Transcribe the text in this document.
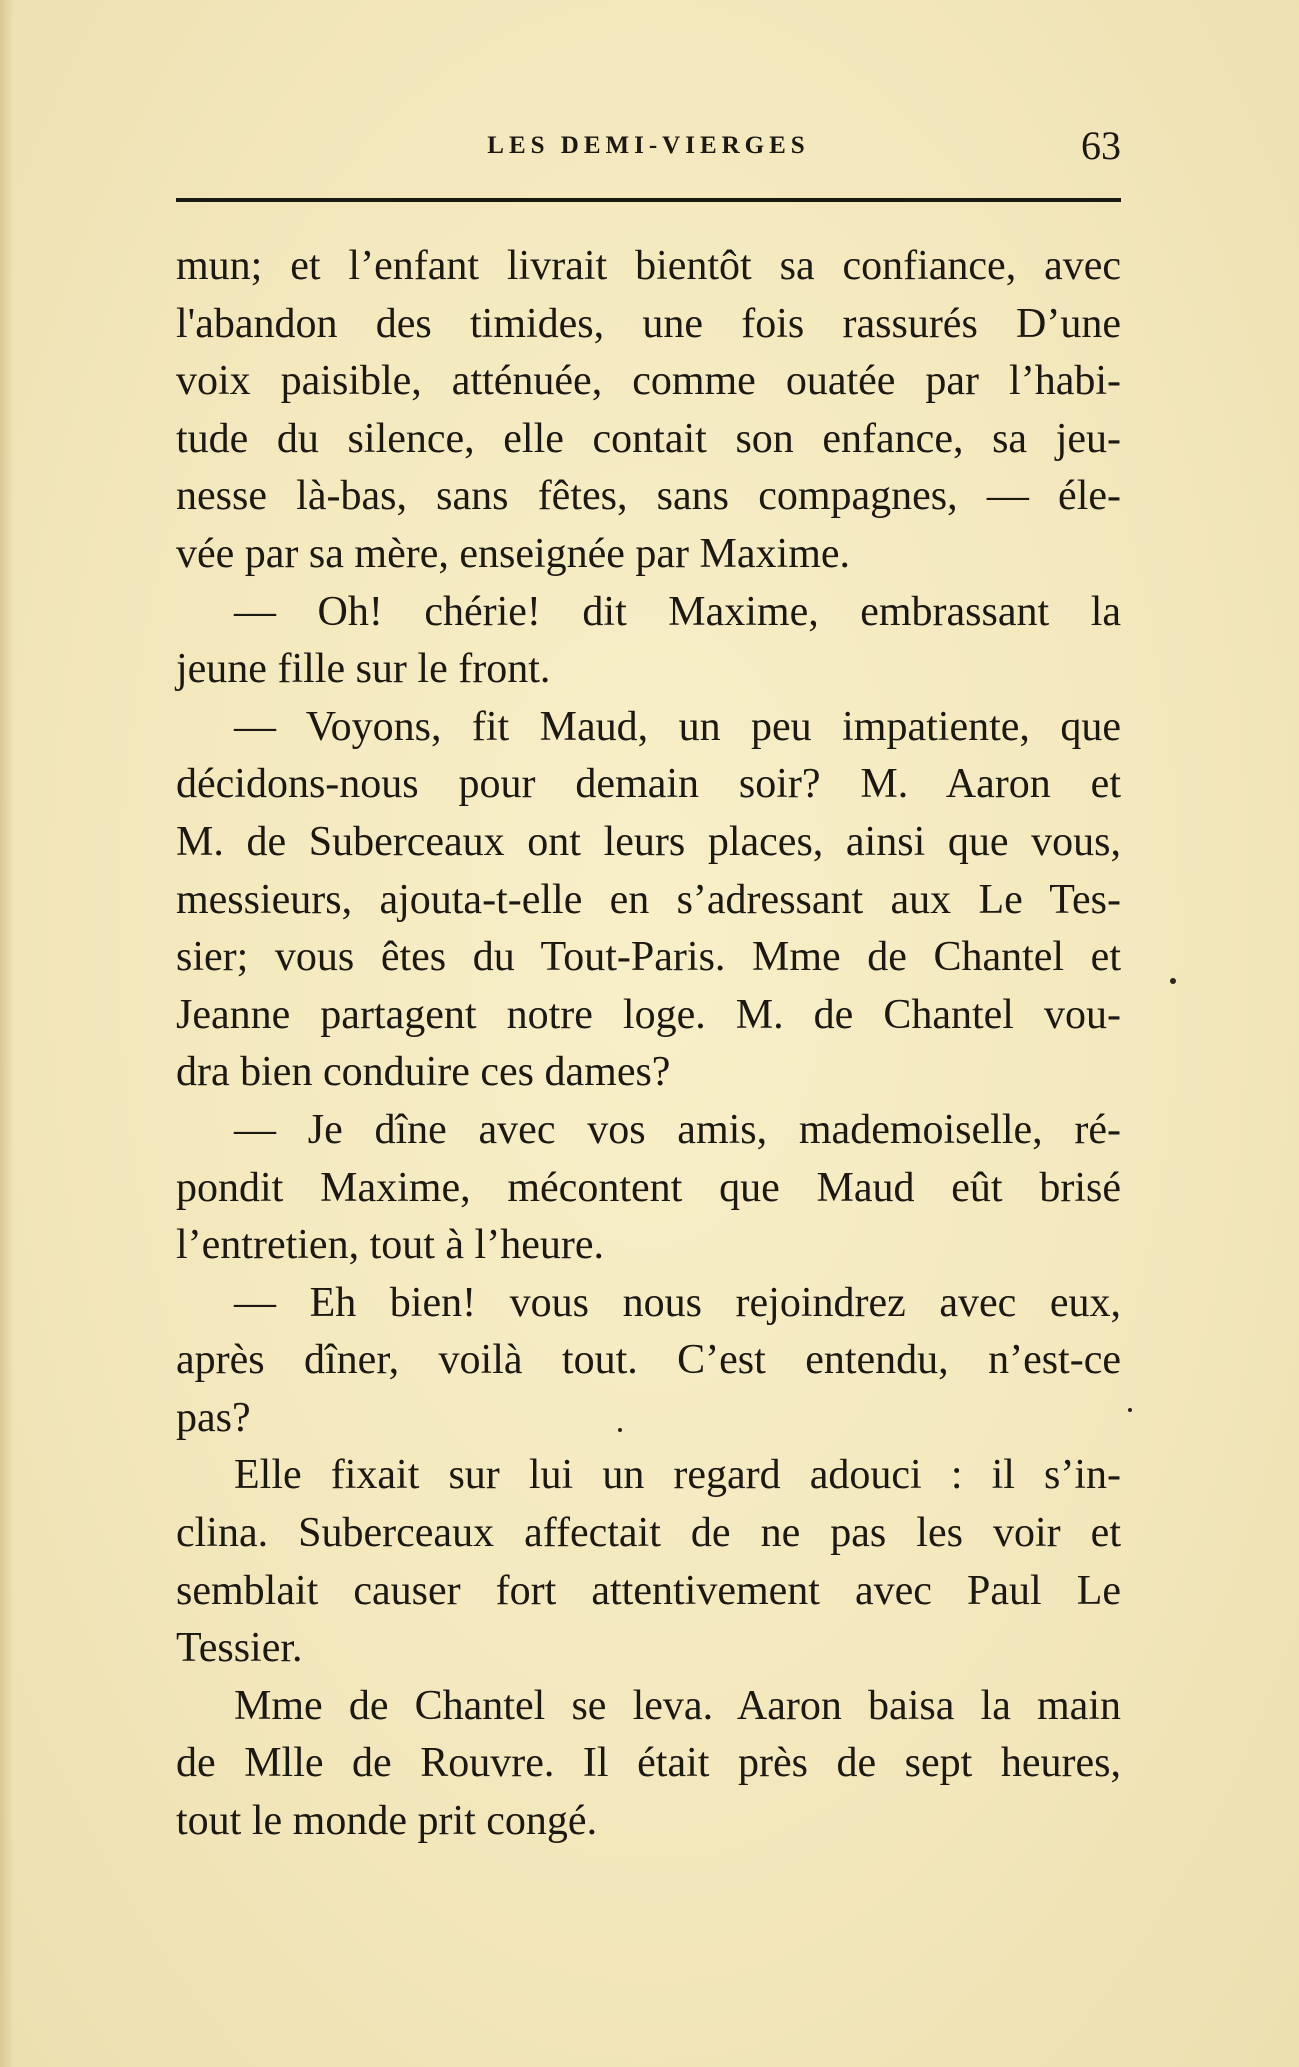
LES DEMI-VIERGES	63
mun; et l’enfant livrait bientôt sa confiance, avec
l'abandon des timides, une fois rassurés D’une
voix paisible, atténuée, comme ouatée par l’habi-
tude du silence, elle contait son enfance, sa jeu-
nesse là-bas, sans fêtes, sans compagnes, — éle-
vée par sa mère, enseignée par Maxime.
— Oh! chérie! dit Maxime, embrassant la
jeune fille sur le front.
— Voyons, fit Maud, un peu impatiente, que
décidons-nous pour demain soir? M. Aaron et
M. de Suberceaux ont leurs places, ainsi que vous,
messieurs, ajouta-t-elle en s’adressant aux Le Tes-
sier; vous êtes du Tout-Paris. Mme de Chantel et
Jeanne partagent notre loge. M. de Chantel vou-
dra bien conduire ces dames?
— Je dîne avec vos amis, mademoiselle, ré-
pondit Maxime, mécontent que Maud eût brisé
l’entretien, tout à l’heure.
— Eh bien! vous nous rejoindrez avec eux,
après dîner, voilà tout. C’est entendu, n’est-ce
pas?
Elle fixait sur lui un regard adouci : il s’in-
clina. Suberceaux affectait de ne pas les voir et
semblait causer fort attentivement avec Paul Le
Tessier.
Mme de Chantel se leva. Aaron baisa la main
de Mlle de Rouvre. Il était près de sept heures,
tout le monde prit congé.
